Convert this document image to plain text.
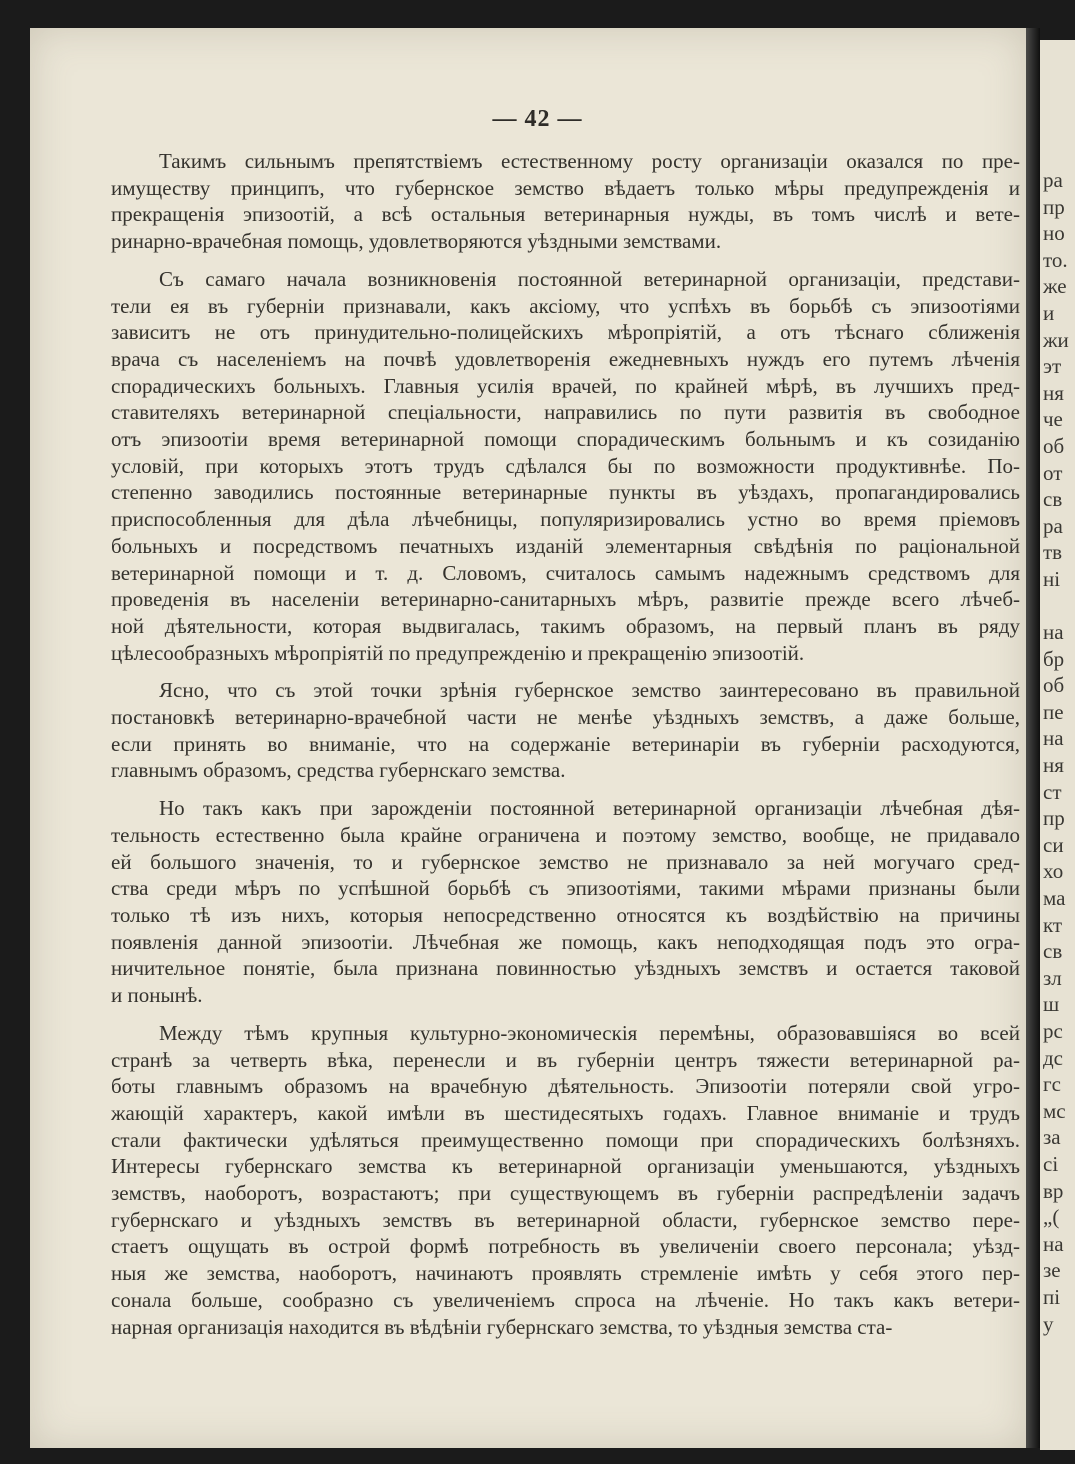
ра
пр
но
то.
же
и
жи
эт
ня
че
об
от
св
ра
тв
ні
на
бр
об
пе
на
ня
ст
пр
си
хо
ма
кт
св
зл
ш
рс
дс
гс
мс
за
сі
вр
„(
на
зе
пі
у
— 42 —
Такимъ сильнымъ препятствіемъ естественному росту организаціи оказался по пре-
имуществу принципъ, что губернское земство вѣдаетъ только мѣры предупрежденія и
прекращенія эпизоотій, а всѣ остальныя ветеринарныя нужды, въ томъ числѣ и вете-
ринарно-врачебная помощь, удовлетворяются уѣздными земствами.
Съ самаго начала возникновенія постоянной ветеринарной организаціи, представи-
тели ея въ губерніи признавали, какъ аксіому, что успѣхъ въ борьбѣ съ эпизоотіями
зависитъ не отъ принудительно-полицейскихъ мѣропріятій, а отъ тѣснаго сближенія
врача съ населеніемъ на почвѣ удовлетворенія ежедневныхъ нуждъ его путемъ лѣченія
спорадическихъ больныхъ. Главныя усилія врачей, по крайней мѣрѣ, въ лучшихъ пред-
ставителяхъ ветеринарной спеціальности, направились по пути развитія въ свободное
отъ эпизоотіи время ветеринарной помощи спорадическимъ больнымъ и къ созиданію
условій, при которыхъ этотъ трудъ сдѣлался бы по возможности продуктивнѣе. По-
степенно заводились постоянные ветеринарные пункты въ уѣздахъ, пропагандировались
приспособленныя для дѣла лѣчебницы, популяризировались устно во время пріемовъ
больныхъ и посредствомъ печатныхъ изданій элементарныя свѣдѣнія по раціональной
ветеринарной помощи и т. д. Словомъ, считалось самымъ надежнымъ средствомъ для
проведенія въ населеніи ветеринарно-санитарныхъ мѣръ, развитіе прежде всего лѣчеб-
ной дѣятельности, которая выдвигалась, такимъ образомъ, на первый планъ въ ряду
цѣлесообразныхъ мѣропріятій по предупрежденію и прекращенію эпизоотій.
Ясно, что съ этой точки зрѣнія губернское земство заинтересовано въ правильной
постановкѣ ветеринарно-врачебной части не менѣе уѣздныхъ земствъ, а даже больше,
если принять во вниманіе, что на содержаніе ветеринаріи въ губерніи расходуются,
главнымъ образомъ, средства губернскаго земства.
Но такъ какъ при зарожденіи постоянной ветеринарной организаціи лѣчебная дѣя-
тельность естественно была крайне ограничена и поэтому земство, вообще, не придавало
ей большого значенія, то и губернское земство не признавало за ней могучаго сред-
ства среди мѣръ по успѣшной борьбѣ съ эпизоотіями, такими мѣрами признаны были
только тѣ изъ нихъ, которыя непосредственно относятся къ воздѣйствію на причины
появленія данной эпизоотіи. Лѣчебная же помощь, какъ неподходящая подъ это огра-
ничительное понятіе, была признана повинностью уѣздныхъ земствъ и остается таковой
и понынѣ.
Между тѣмъ крупныя культурно-экономическія перемѣны, образовавшіяся во всей
странѣ за четверть вѣка, перенесли и въ губерніи центръ тяжести ветеринарной ра-
боты главнымъ образомъ на врачебную дѣятельность. Эпизоотіи потеряли свой угро-
жающій характеръ, какой имѣли въ шестидесятыхъ годахъ. Главное вниманіе и трудъ
стали фактически удѣляться преимущественно помощи при спорадическихъ болѣзняхъ.
Интересы губернскаго земства къ ветеринарной организаціи уменьшаются, уѣздныхъ
земствъ, наоборотъ, возрастаютъ; при существующемъ въ губерніи распредѣленіи задачъ
губернскаго и уѣздныхъ земствъ въ ветеринарной области, губернское земство пере-
стаетъ ощущать въ острой формѣ потребность въ увеличеніи своего персонала; уѣзд-
ныя же земства, наоборотъ, начинаютъ проявлять стремленіе имѣть у себя этого пер-
сонала больше, сообразно съ увеличеніемъ спроса на лѣченіе. Но такъ какъ ветери-
нарная организація находится въ вѣдѣніи губернскаго земства, то уѣздныя земства ста-
